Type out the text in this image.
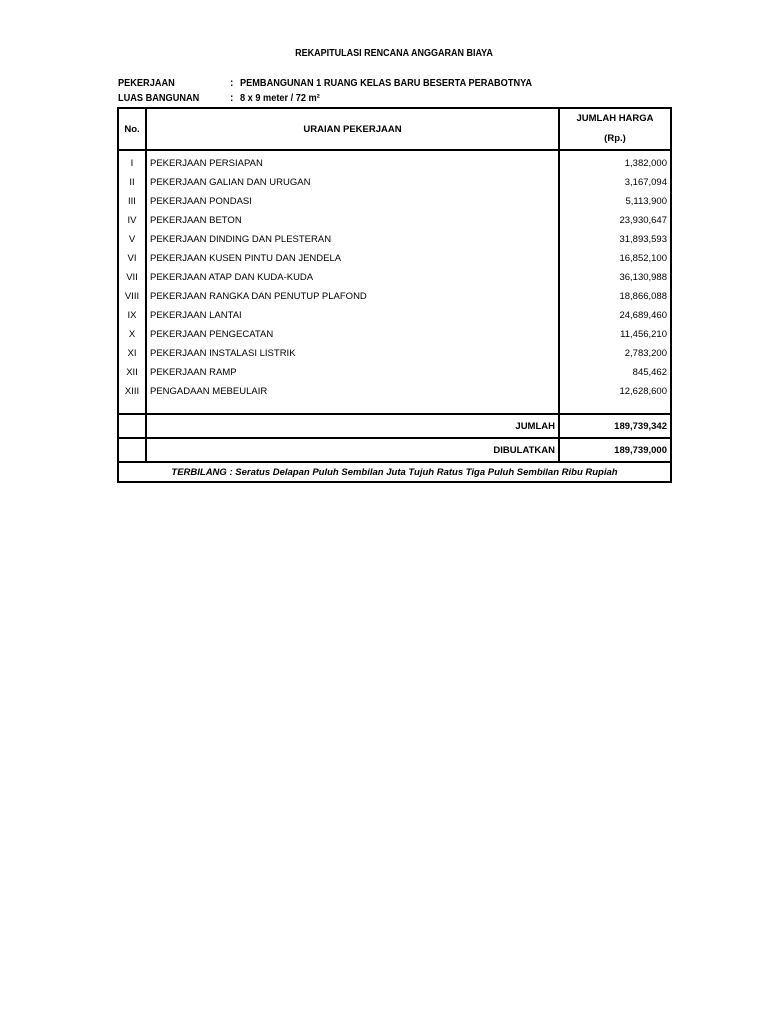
REKAPITULASI RENCANA ANGGARAN BIAYA
PEKERJAAN	: PEMBANGUNAN 1 RUANG KELAS BARU BESERTA PERABOTNYA
LUAS BANGUNAN	: 8 x 9 meter / 72 m²
No.	URAIAN PEKERJAAN	JUMLAH HARGA
(Rp.)

I	PEKERJAAN PERSIAPAN	1,382,000
II	PEKERJAAN GALIAN DAN URUGAN	3,167,094
III	PEKERJAAN PONDASI	5,113,900
IV	PEKERJAAN BETON	23,930,647
V	PEKERJAAN DINDING DAN PLESTERAN	31,893,593
VI	PEKERJAAN KUSEN PINTU DAN JENDELA	16,852,100
VII	PEKERJAAN ATAP DAN KUDA-KUDA	36,130,988
VIII	PEKERJAAN RANGKA DAN PENUTUP PLAFOND	18,866,088
IX	PEKERJAAN LANTAI	24,689,460
X	PEKERJAAN PENGECATAN	11,456,210
XI	PEKERJAAN INSTALASI LISTRIK	2,783,200
XII	PEKERJAAN RAMP	845,462
XIII	PENGADAAN MEBEULAIR	12,628,600

	JUMLAH	189,739,342
	DIBULATKAN	189,739,000
TERBILANG : Seratus Delapan Puluh Sembilan Juta Tujuh Ratus Tiga Puluh Sembilan Ribu Rupiah		
